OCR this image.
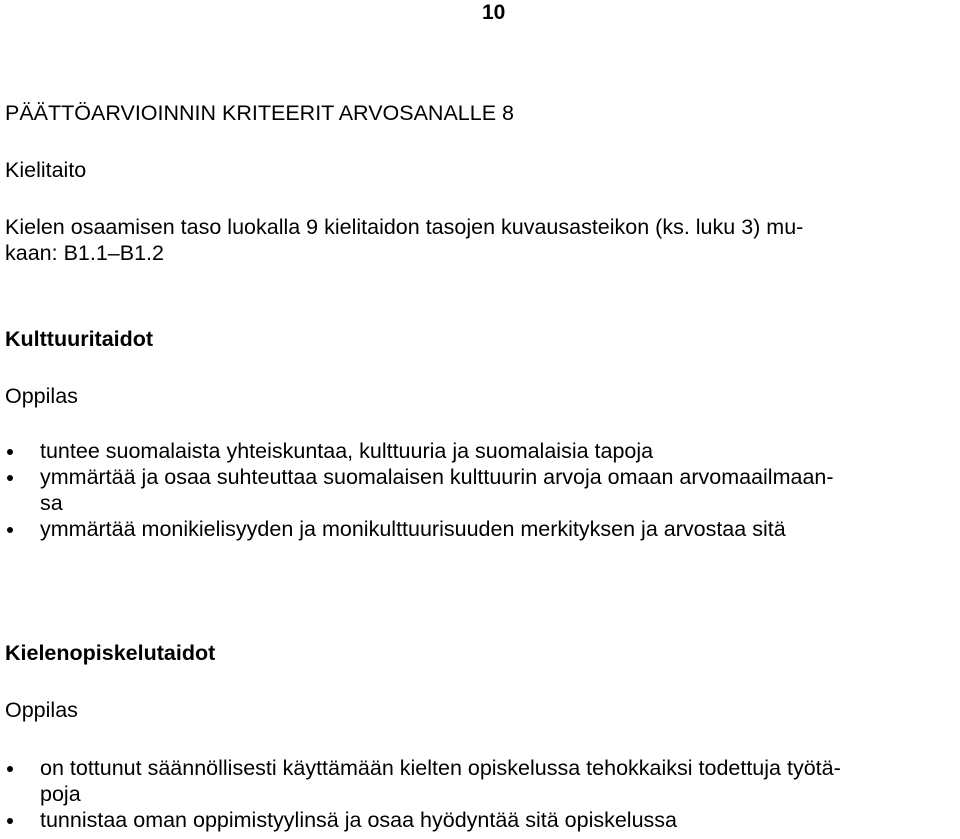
10
PÄÄTTÖARVIOINNIN KRITEERIT ARVOSANALLE 8
Kielitaito
Kielen osaamisen taso luokalla 9 kielitaidon tasojen kuvausasteikon (ks. luku 3) mu-
kaan: B1.1–B1.2
Kulttuuritaidot
Oppilas
tuntee suomalaista yhteiskuntaa, kulttuuria ja suomalaisia tapoja
ymmärtää ja osaa suhteuttaa suomalaisen kulttuurin arvoja omaan arvomaailmaan-
sa
ymmärtää monikielisyyden ja monikulttuurisuuden merkityksen ja arvostaa sitä
Kielenopiskelutaidot
Oppilas
on tottunut säännöllisesti käyttämään kielten opiskelussa tehokkaiksi todettuja työtä-
poja
tunnistaa oman oppimistyylinsä ja osaa hyödyntää sitä opiskelussa
